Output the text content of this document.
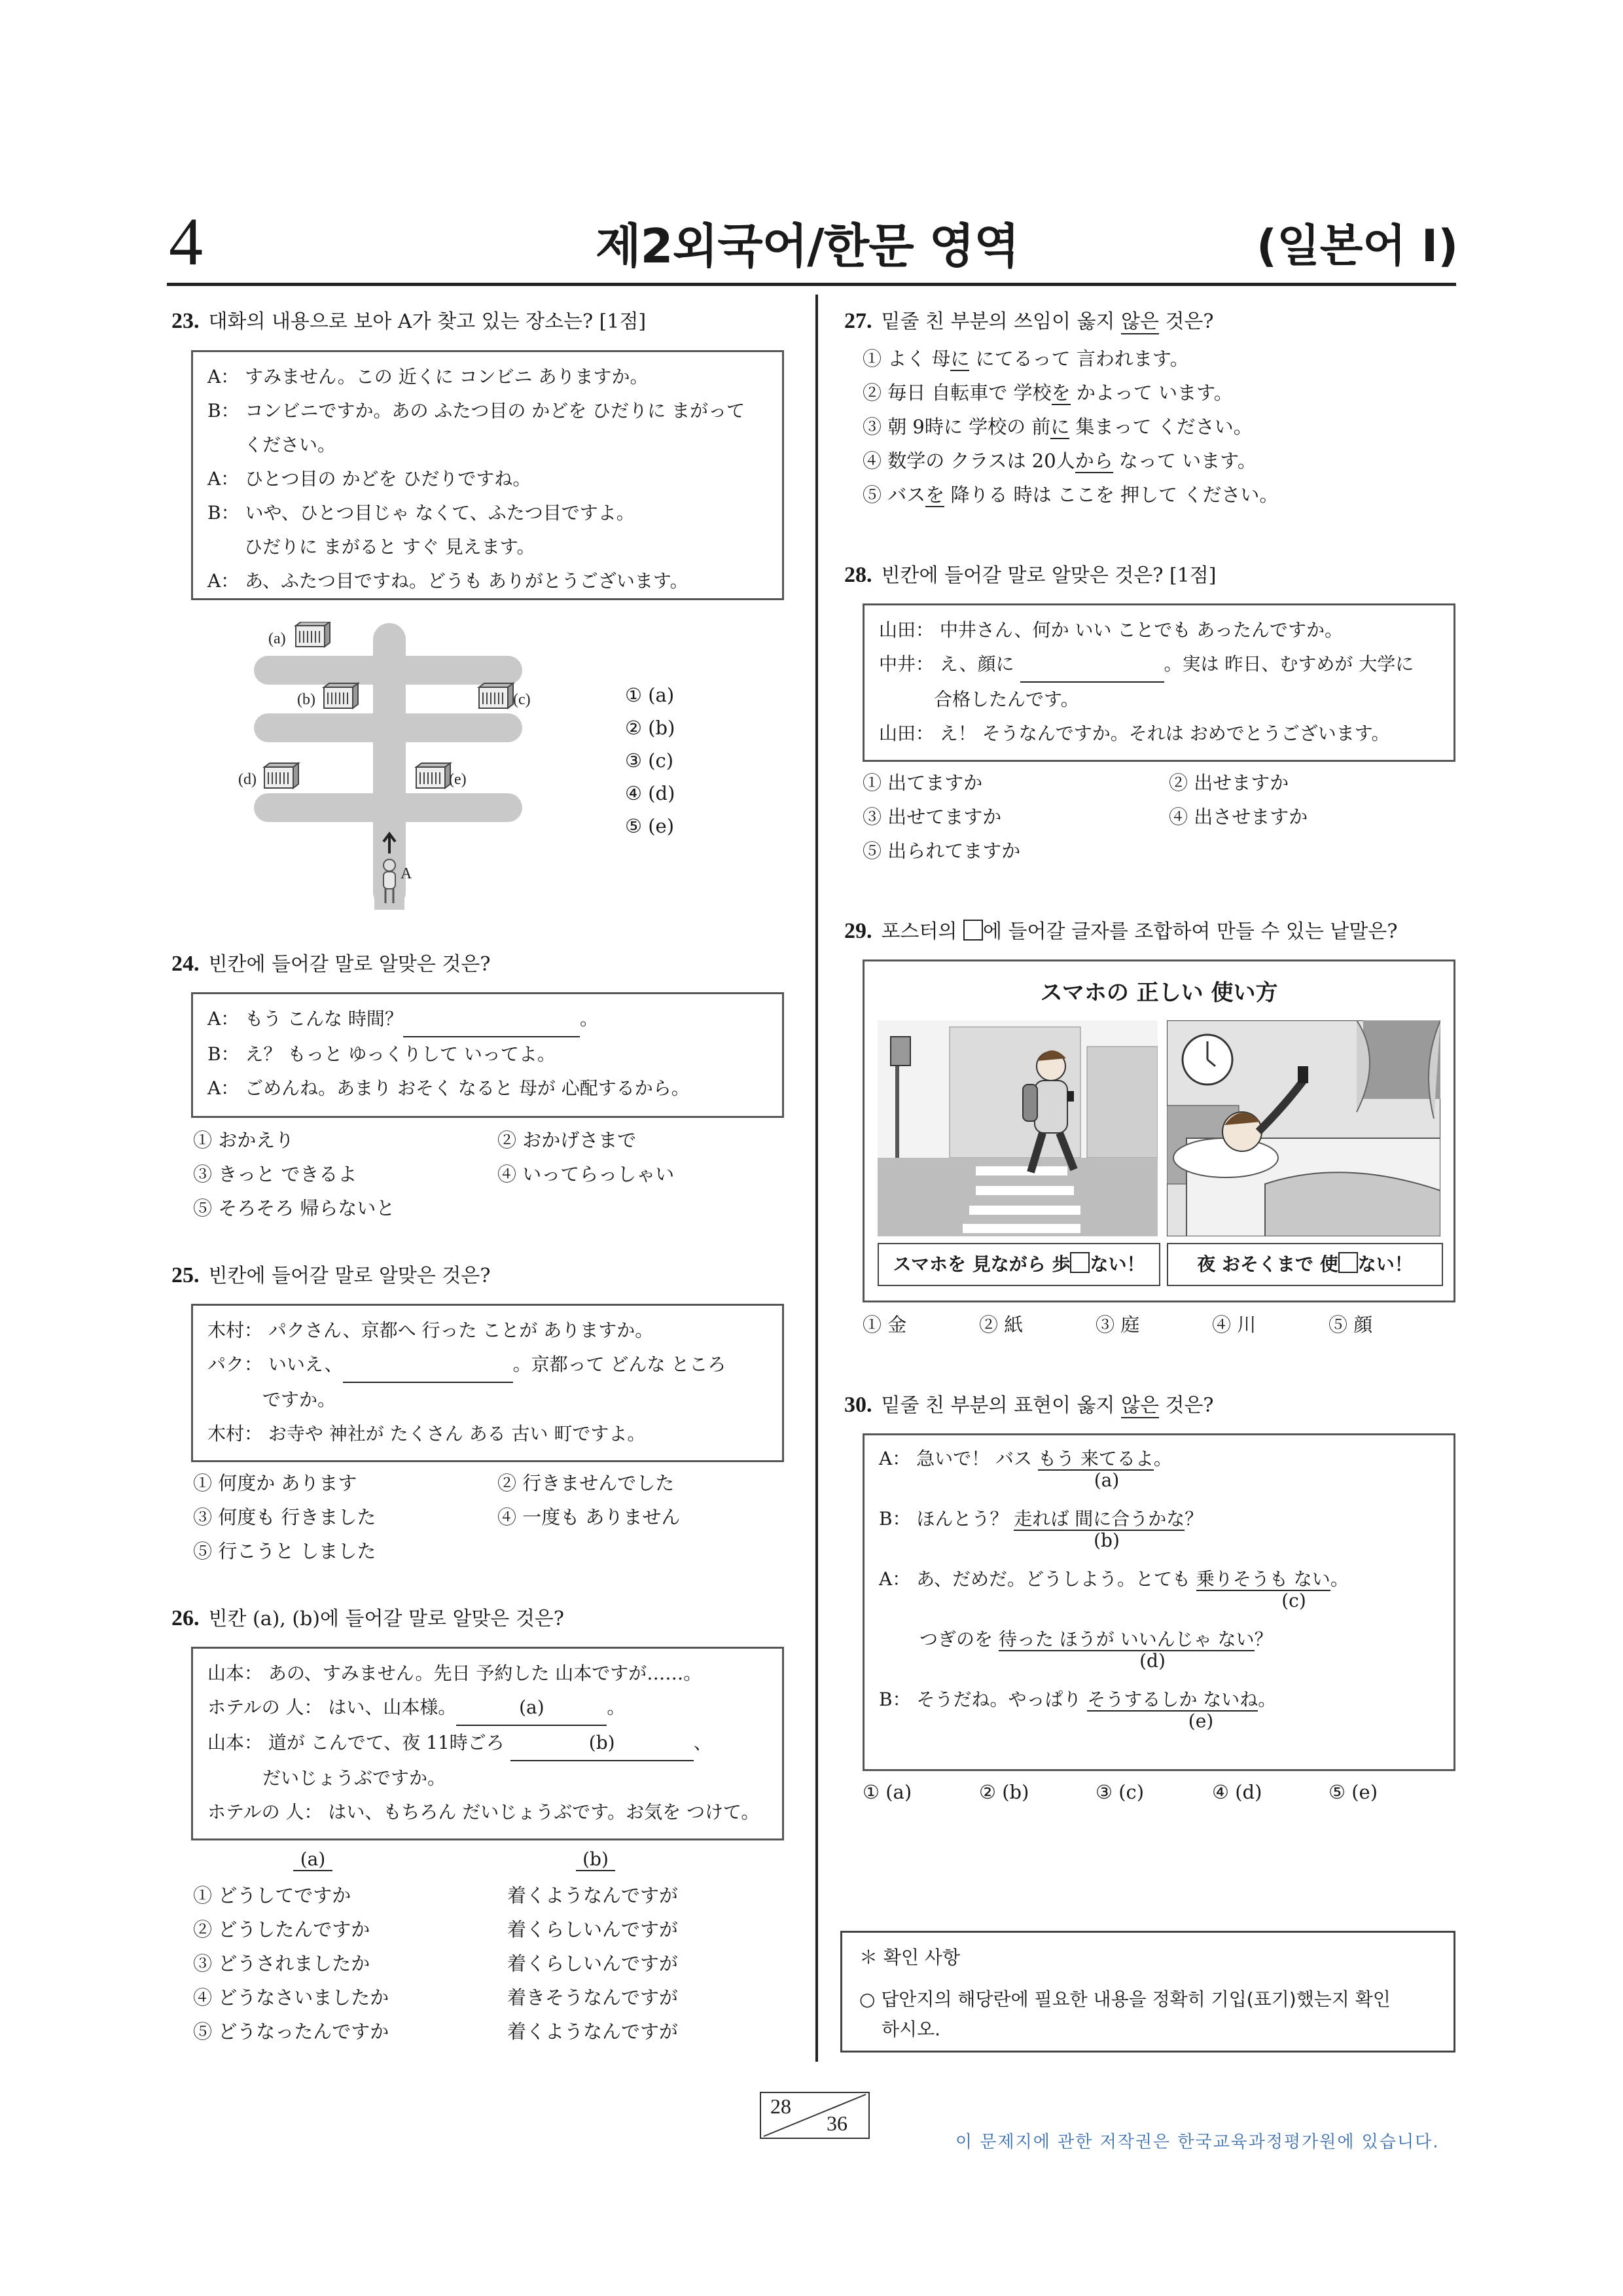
4	제2외국어/한문 영역	(일본어 I)
23. 대화의 내용으로 보아 A가 찾고 있는 장소는? [1점]
A： すみません。この 近くに コンビニ ありますか。
B： コンビニですか。あの ふたつ目の かどを ひだりに まがって
　　ください。
A： ひとつ目の かどを ひだりですね。
B： いや、ひとつ目じゃ なくて、ふたつ目ですよ。
　　ひだりに まがると すぐ 見えます。
A： あ、ふたつ目ですね。どうも ありがとうございます。
(a)
(b)	(c)
(d)	(e)
A
① (a)
② (b)
③ (c)
④ (d)
⑤ (e)
24. 빈칸에 들어갈 말로 알맞은 것은?
A： もう こんな 時間？	。
B： え？ もっと ゆっくりして いってよ。
A： ごめんね。あまり おそく なると 母が 心配するから。
① おかえり	② おかげさまで
③ きっと できるよ	④ いってらっしゃい
⑤ そろそろ 帰らないと
25. 빈칸에 들어갈 말로 알맞은 것은?
木村： パクさん、京都へ 行った ことが ありますか。
パク： いいえ、	。京都って どんな ところ
　　　ですか。
木村： お寺や 神社が たくさん ある 古い 町ですよ。
① 何度か あります	② 行きませんでした
③ 何度も 行きました	④ 一度も ありません
⑤ 行こうと しました
26. 빈칸 (a), (b)에 들어갈 말로 알맞은 것은?
山本： あの、すみません。先日 予約した 山本ですが……。
ホテルの 人： はい、山本様。	(a)	。
山本： 道が こんでて、夜 11時ごろ	(b)	、
　　　だいじょうぶですか。
ホテルの 人： はい、もちろん だいじょうぶです。お気を つけて。
(a)	(b)
① どうしてですか	着くようなんですが
② どうしたんですか	着くらしいんですが
③ どうされましたか	着くらしいんですが
④ どうなさいましたか	着きそうなんですが
⑤ どうなったんですか	着くようなんですが
27. 밑줄 친 부분의 쓰임이 옳지 않은 것은?
① よく 母に にてるって 言われます。
② 毎日 自転車で 学校を かよって います。
③ 朝 9時に 学校の 前に 集まって ください。
④ 数学の クラスは 20人から なって います。
⑤ バスを 降りる 時は ここを 押して ください。
28. 빈칸에 들어갈 말로 알맞은 것은? [1점]
山田： 中井さん、何か いい ことでも あったんですか。
中井： え、顔に	。実は 昨日、むすめが 大学に
　　　合格したんです。
山田： え！ そうなんですか。それは おめでとうございます。
① 出てますか	② 出せますか
③ 出せてますか	④ 出させますか
⑤ 出られてますか
29. 포스터의 에 들어갈 글자를 조합하여 만들 수 있는 낱말은?
スマホの 正しい 使い方
スマホを 見ながら 歩 ない！	夜 おそくまで 使 ない！
① 金	② 紙	③ 庭	④ 川	⑤ 顔
30. 밑줄 친 부분의 표현이 옳지 않은 것은?
A： 急いで！ バス もう 来てるよ。
(a)
B： ほんとう？ 走れば 間に合うかな？
(b)
A： あ、だめだ。どうしよう。とても 乗りそうも ない。
(c)
つぎのを 待った ほうが いいんじゃ ない？
(d)
B： そうだね。やっぱり そうするしか ないね。
(e)
① (a)	② (b)	③ (c)	④ (d)	⑤ (e)
＊ 확인 사항
○ 답안지의 해당란에 필요한 내용을 정확히 기입(표기)했는지 확인
하시오.
28
36
이 문제지에 관한 저작권은 한국교육과정평가원에 있습니다.
